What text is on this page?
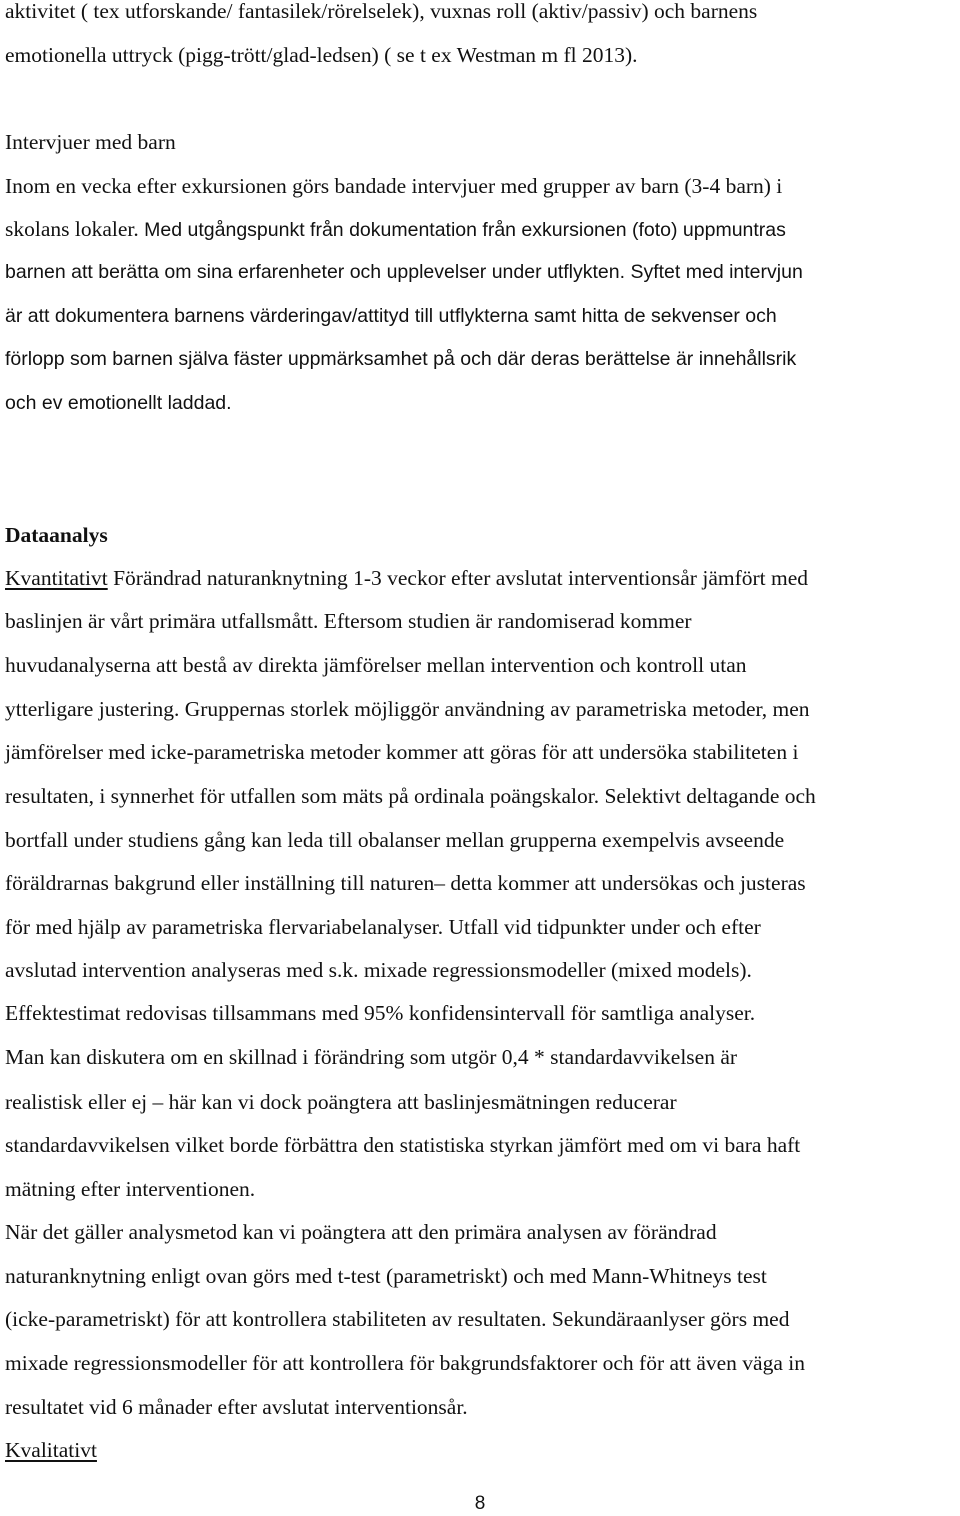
aktivitet ( tex utforskande/ fantasilek/rörelselek), vuxnas roll (aktiv/passiv) och barnens

emotionella uttryck (pigg-trött/glad-ledsen) ( se t ex Westman m fl 2013).

Intervjuer med barn

Inom en vecka efter exkursionen görs bandade intervjuer med grupper av barn (3-4 barn) i

skolans lokaler. Med utgångspunkt från dokumentation från exkursionen (foto) uppmuntras

barnen att berätta om sina erfarenheter och upplevelser under utflykten. Syftet med intervjun

är att dokumentera barnens värderingav/attityd till utflykterna samt hitta de sekvenser och

förlopp som barnen själva fäster uppmärksamhet på och där deras berättelse är innehållsrik

och ev emotionellt laddad.

Dataanalys

Kvantitativt Förändrad naturanknytning 1-3 veckor efter avslutat interventionsår jämfört med

baslinjen är vårt primära utfallsmått. Eftersom studien är randomiserad kommer

huvudanalyserna att bestå av direkta jämförelser mellan intervention och kontroll utan

ytterligare justering. Gruppernas storlek möjliggör användning av parametriska metoder, men

jämförelser med icke-parametriska metoder kommer att göras för att undersöka stabiliteten i

resultaten, i synnerhet för utfallen som mäts på ordinala poängskalor. Selektivt deltagande och

bortfall under studiens gång kan leda till obalanser mellan grupperna exempelvis avseende

föräldrarnas bakgrund eller inställning till naturen– detta kommer att undersökas och justeras

för med hjälp av parametriska flervariabelanalyser. Utfall vid tidpunkter under och efter

avslutad intervention analyseras med s.k. mixade regressionsmodeller (mixed models).

Effektestimat redovisas tillsammans med 95% konfidensintervall för samtliga analyser.

Man kan diskutera om en skillnad i förändring som utgör 0,4 * standardavvikelsen är

realistisk eller ej – här kan vi dock poängtera att baslinjesmätningen reducerar

standardavvikelsen vilket borde förbättra den statistiska styrkan jämfört med om vi bara haft

mätning efter interventionen.

När det gäller analysmetod kan vi poängtera att den primära analysen av förändrad

naturanknytning enligt ovan görs med t-test (parametriskt) och med Mann-Whitneys test

(icke-parametriskt) för att kontrollera stabiliteten av resultaten. Sekundäraanlyser görs med

mixade regressionsmodeller för att kontrollera för bakgrundsfaktorer och för att även väga in

resultatet vid 6 månader efter avslutat interventionsår.

Kvalitativt

8
